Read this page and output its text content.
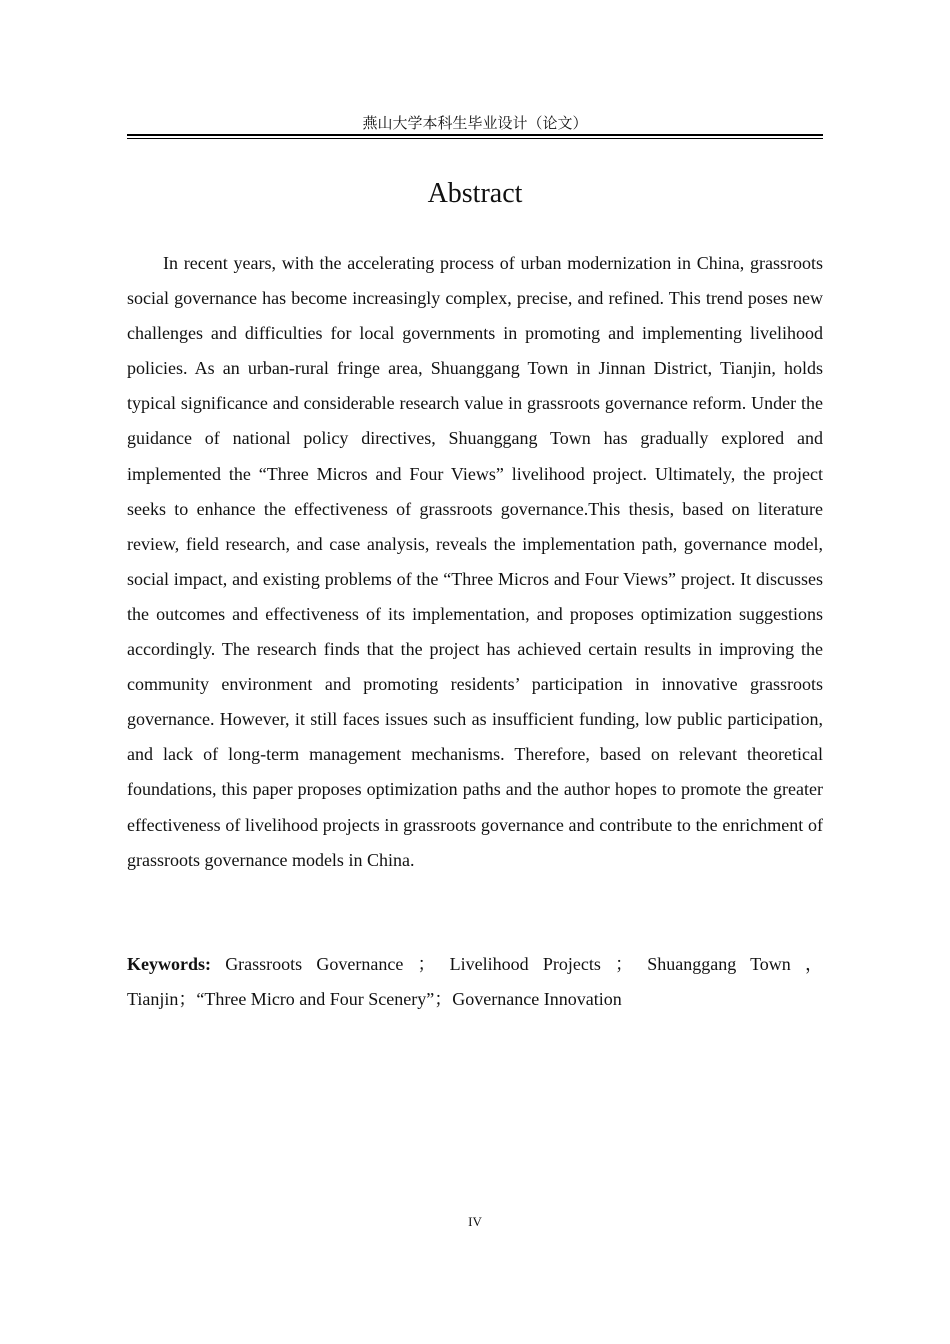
燕山大学本科生毕业设计（论文）
Abstract

In recent years, with the accelerating process of urban modernization in China, grassroots social governance has become increasingly complex, precise, and refined. This trend poses new challenges and difficulties for local governments in promoting and implementing livelihood policies. As an urban-rural fringe area, Shuanggang Town in Jinnan District, Tianjin, holds typical significance and considerable research value in grassroots governance reform. Under the guidance of national policy directives, Shuanggang Town has gradually explored and implemented the “Three Micros and Four Views” livelihood project. Ultimately, the project seeks to enhance the effectiveness of grassroots governance.This thesis, based on literature review, field research, and case analysis, reveals the implementation path, governance model, social impact, and existing problems of the “Three Micros and Four Views” project. It discusses the outcomes and effectiveness of its implementation, and proposes optimization suggestions accordingly. The research finds that the project has achieved certain results in improving the community environment and promoting residents’ participation in innovative grassroots governance. However, it still faces issues such as insufficient funding, low public participation, and lack of long-term management mechanisms. Therefore, based on relevant theoretical foundations, this paper proposes optimization paths and the author hopes to promote the greater effectiveness of livelihood projects in grassroots governance and contribute to the enrichment of grassroots governance models in China.

Keywords: Grassroots Governance ； Livelihood Projects ； Shuanggang Town ，Tianjin；“Three Micro and Four Scenery”；Governance Innovation

IV
